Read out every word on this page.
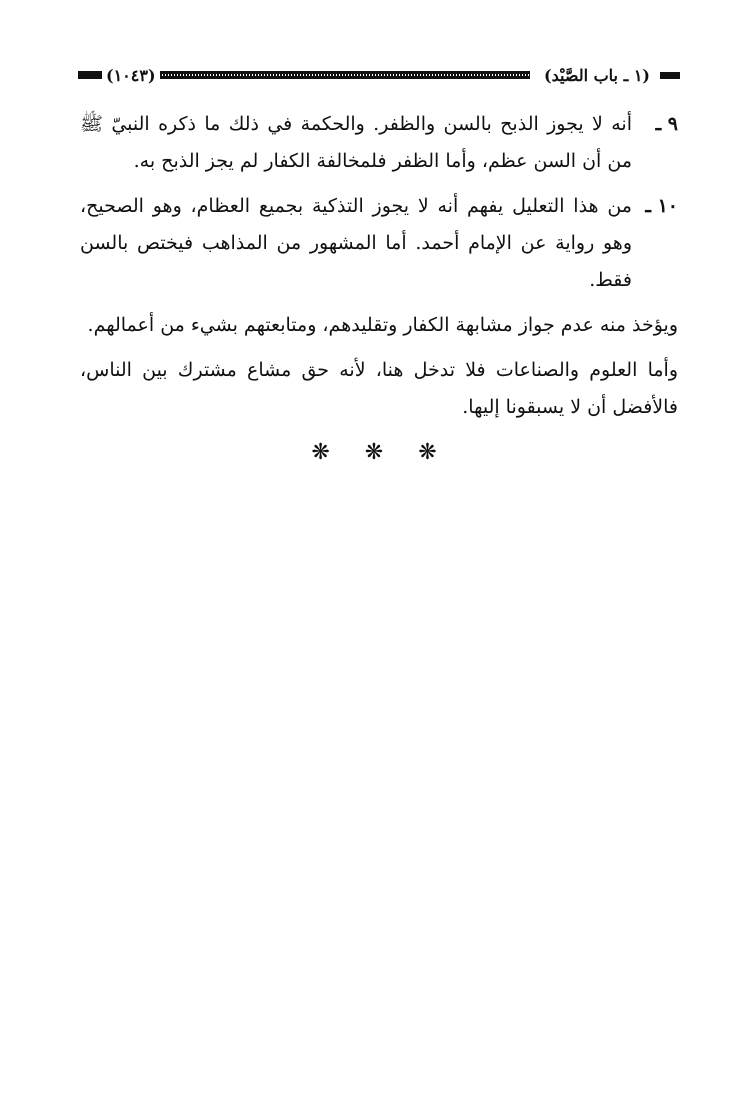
(١ ـ باب الصَّيْد)
(١٠٤٣)
٩ ـ
أنه لا يجوز الذبح بالسن والظفر. والحكمة في ذلك ما ذكره النبيّ ﷺ من أن السن عظم، وأما الظفر فلمخالفة الكفار لم يجز الذبح به.
١٠ ـ
من هذا التعليل يفهم أنه لا يجوز التذكية بجميع العظام، وهو الصحيح، وهو رواية عن الإمام أحمد. أما المشهور من المذاهب فيختص بالسن فقط.

ويؤخذ منه عدم جواز مشابهة الكفار وتقليدهم، ومتابعتهم بشيء من أعمالهم.

وأما العلوم والصناعات فلا تدخل هنا، لأنه حق مشاع مشترك بين الناس، فالأفضل أن لا يسبقونا إليها.

❋ ❋ ❋
